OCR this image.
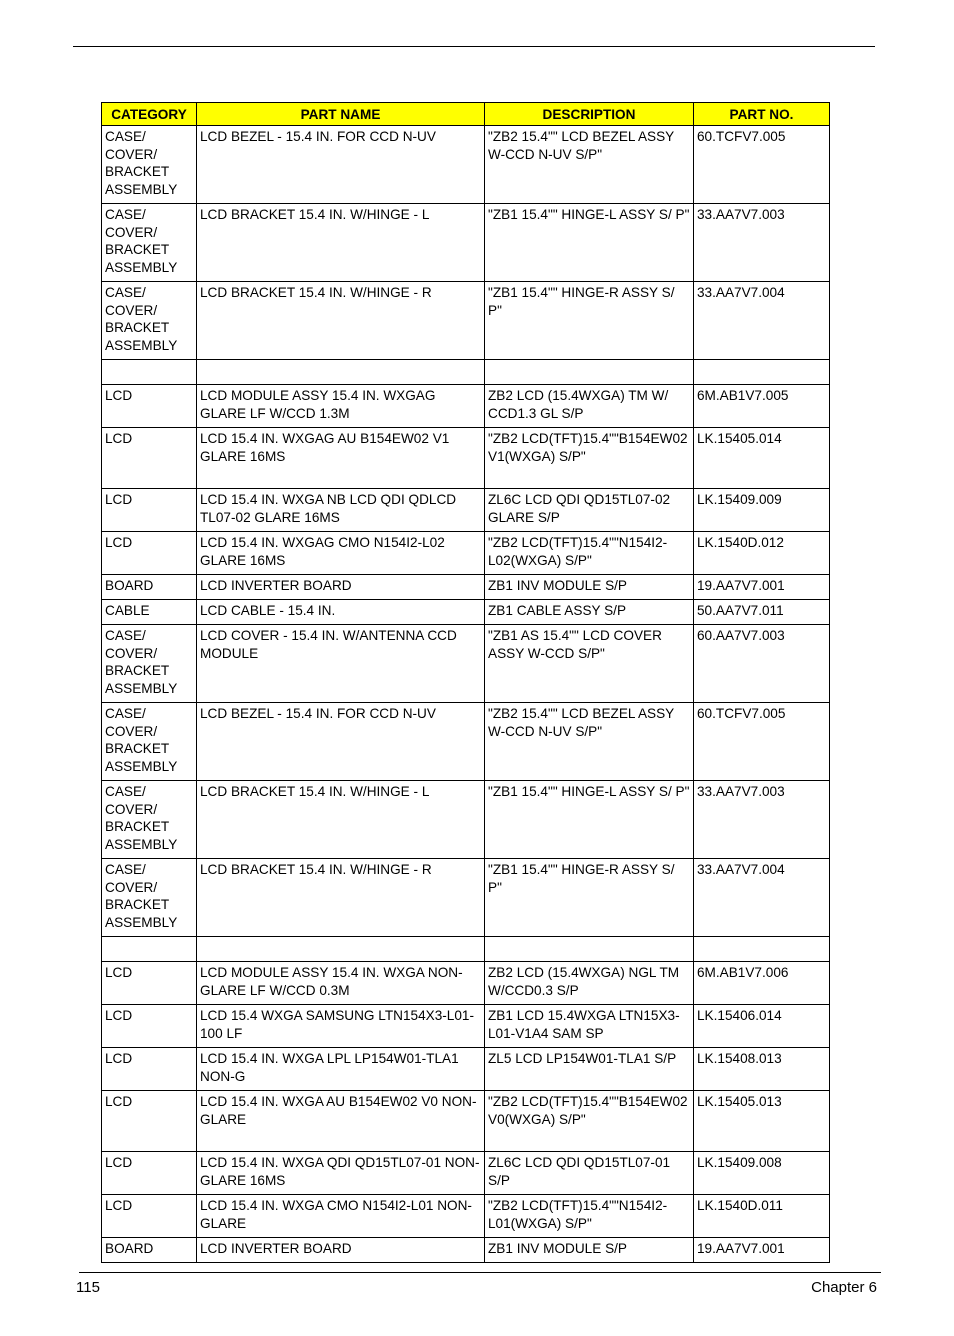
CATEGORY	PART NAME	DESCRIPTION	PART NO.
CASE/ COVER/ BRACKET ASSEMBLY	LCD BEZEL - 15.4 IN. FOR CCD N-UV	"ZB2 15.4"" LCD BEZEL ASSY W-CCD N-UV S/P"	60.TCFV7.005
CASE/ COVER/ BRACKET ASSEMBLY	LCD BRACKET 15.4 IN. W/HINGE - L	"ZB1 15.4"" HINGE-L ASSY S/ P"	33.AA7V7.003
CASE/ COVER/ BRACKET ASSEMBLY	LCD BRACKET 15.4 IN. W/HINGE - R	"ZB1 15.4"" HINGE-R ASSY S/ P"	33.AA7V7.004

LCD	LCD MODULE ASSY 15.4 IN. WXGAG GLARE LF W/CCD 1.3M	ZB2 LCD (15.4WXGA) TM W/ CCD1.3 GL S/P	6M.AB1V7.005
LCD	LCD 15.4 IN. WXGAG AU B154EW02 V1 GLARE 16MS	"ZB2 LCD(TFT)15.4""B154EW02 V1(WXGA) S/P"	LK.15405.014
LCD	LCD 15.4 IN. WXGA NB LCD QDI QDLCD TL07-02 GLARE 16MS	ZL6C LCD QDI QD15TL07-02 GLARE S/P	LK.15409.009
LCD	LCD 15.4 IN. WXGAG CMO N154I2-L02 GLARE 16MS	"ZB2 LCD(TFT)15.4""N154I2-L02(WXGA) S/P"	LK.1540D.012
BOARD	LCD INVERTER BOARD	ZB1 INV MODULE S/P	19.AA7V7.001
CABLE	LCD CABLE - 15.4 IN.	ZB1 CABLE ASSY S/P	50.AA7V7.011
CASE/ COVER/ BRACKET ASSEMBLY	LCD COVER - 15.4 IN. W/ANTENNA CCD MODULE	"ZB1 AS 15.4"" LCD COVER ASSY W-CCD S/P"	60.AA7V7.003
CASE/ COVER/ BRACKET ASSEMBLY	LCD BEZEL - 15.4 IN. FOR CCD N-UV	"ZB2 15.4"" LCD BEZEL ASSY W-CCD N-UV S/P"	60.TCFV7.005
CASE/ COVER/ BRACKET ASSEMBLY	LCD BRACKET 15.4 IN. W/HINGE - L	"ZB1 15.4"" HINGE-L ASSY S/ P"	33.AA7V7.003
CASE/ COVER/ BRACKET ASSEMBLY	LCD BRACKET 15.4 IN. W/HINGE - R	"ZB1 15.4"" HINGE-R ASSY S/ P"	33.AA7V7.004

LCD	LCD MODULE ASSY 15.4 IN. WXGA NON-GLARE LF W/CCD 0.3M	ZB2 LCD (15.4WXGA) NGL TM W/CCD0.3 S/P	6M.AB1V7.006
LCD	LCD 15.4 WXGA SAMSUNG LTN154X3-L01-100 LF	ZB1 LCD 15.4WXGA LTN15X3-L01-V1A4 SAM SP	LK.15406.014
LCD	LCD 15.4 IN. WXGA LPL LP154W01-TLA1 NON-G	ZL5 LCD LP154W01-TLA1 S/P	LK.15408.013
LCD	LCD 15.4 IN. WXGA AU B154EW02 V0 NON-GLARE	"ZB2 LCD(TFT)15.4""B154EW02 V0(WXGA) S/P"	LK.15405.013
LCD	LCD 15.4 IN. WXGA QDI QD15TL07-01 NON-GLARE 16MS	ZL6C LCD QDI QD15TL07-01 S/P	LK.15409.008
LCD	LCD 15.4 IN. WXGA CMO N154I2-L01 NON-GLARE	"ZB2 LCD(TFT)15.4""N154I2-L01(WXGA) S/P"	LK.1540D.011
BOARD	LCD INVERTER BOARD	ZB1 INV MODULE S/P	19.AA7V7.001
115	Chapter 6
